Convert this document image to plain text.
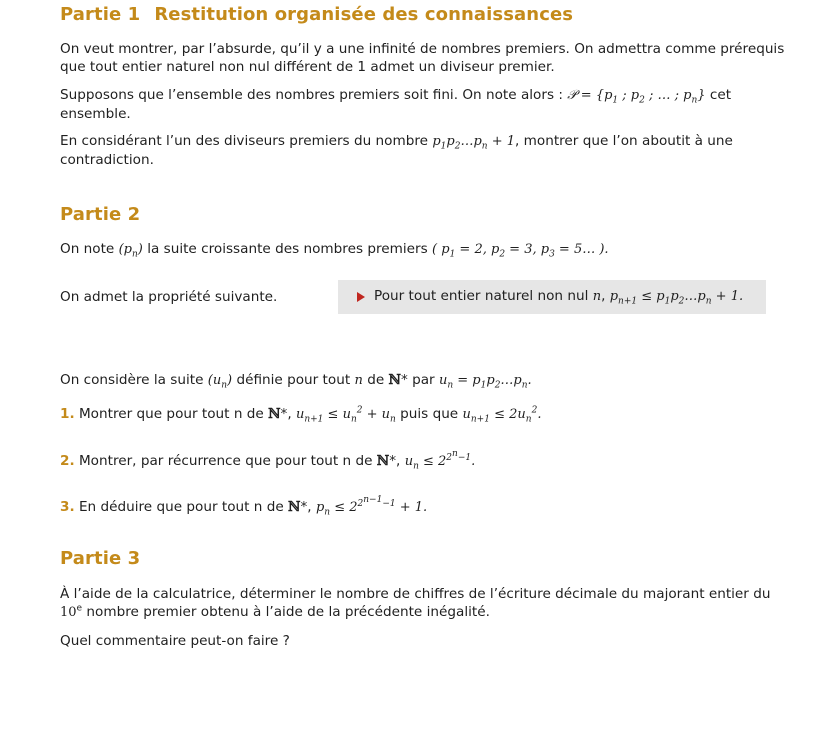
Partie 1 Restitution organisée des connaissances

On veut montrer, par l’absurde, qu’il y a une infinité de nombres premiers. On admettra comme prérequis que tout entier naturel non nul différent de 1 admet un diviseur premier.

Supposons que l’ensemble des nombres premiers soit fini. On note alors : 𝒫 = {$p_1$ ; $p_2$ ; … ; $p_n$} cet ensemble.

En considérant l’un des diviseurs premiers du nombre $p_1p_2\dots p_n + 1$, montrer que l’on aboutit à une contradiction.

Partie 2

On note $(p_n)$ la suite croissante des nombres premiers ( $p_1 = 2$, $p_2 = 3$, $p_3$ = 5… ).

On admet la propriété suivante.	Pour tout entier naturel non nul n, $p_{n+1}$ ≤ $p_1p_2\dots p_n + 1$.

On considère la suite $(u_n)$ définie pour tout n de ℕ* par $u_n$ = $p_1p_2\dots p_n$.

1. Montrer que pour tout n de ℕ*, $u_{n+1} \le u_n^2 + u_n$ puis que $u_{n+1} \le 2u_n^2$.

2. Montrer, par récurrence que pour tout n de ℕ*, $u_n \le 2^{2^n-1}$.

3. En déduire que pour tout n de ℕ*, $p_n \le 2^{2^{n-1}-1} + 1$.

Partie 3

À l’aide de la calculatrice, déterminer le nombre de chiffres de l’écriture décimale du majorant entier du 10e nombre premier obtenu à l’aide de la précédente inégalité.

Quel commentaire peut-on faire ?
